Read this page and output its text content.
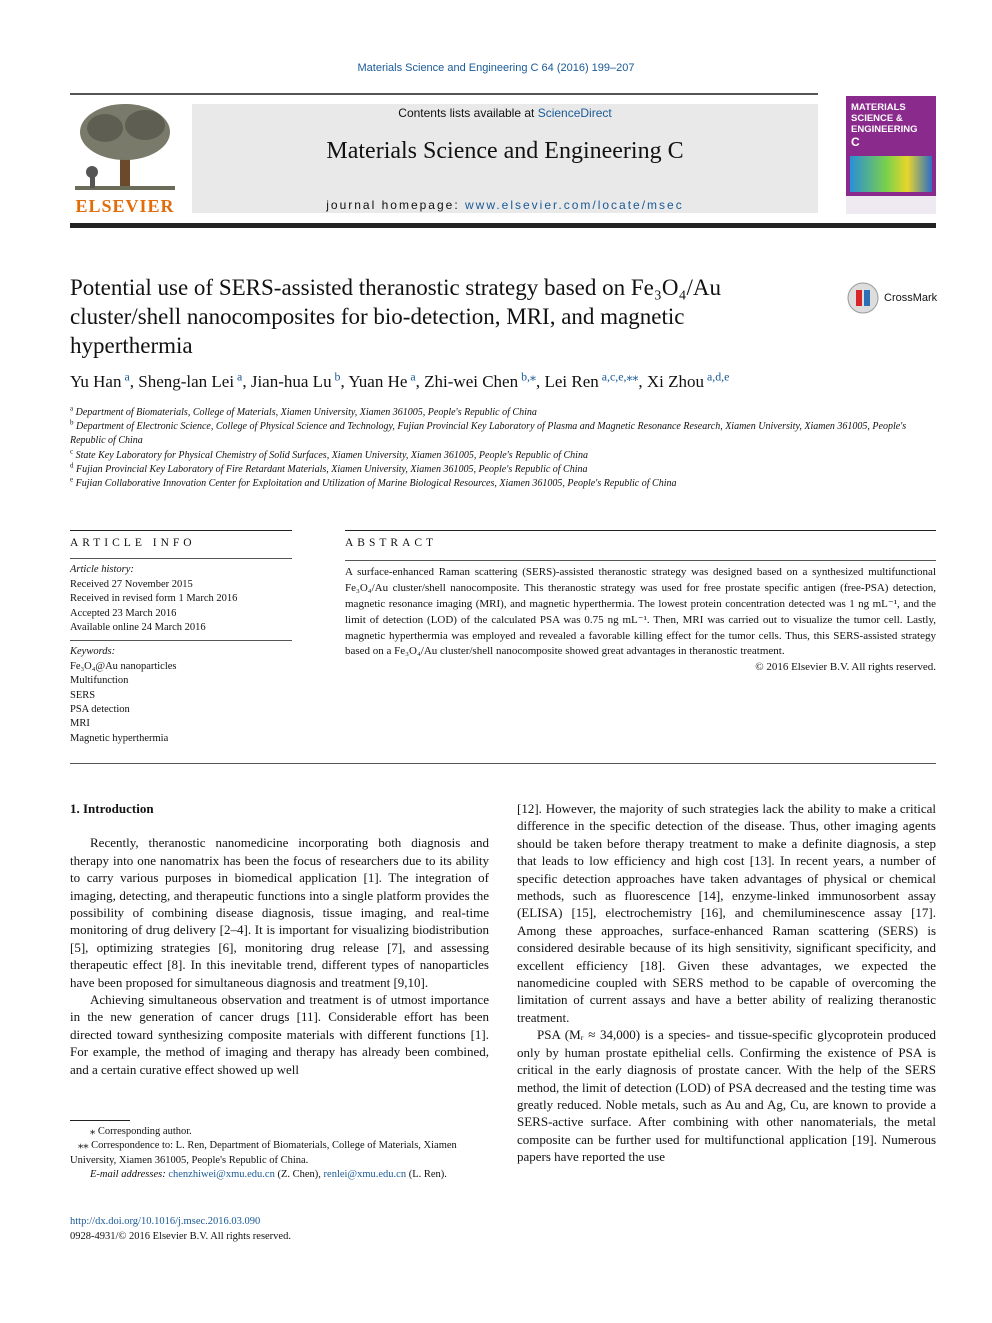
Materials Science and Engineering C 64 (2016) 199–207
ELSEVIER
Contents lists available at ScienceDirect
Materials Science and Engineering C
journal homepage: www.elsevier.com/locate/msec
MATERIALS SCIENCE & ENGINEERING
C
Potential use of SERS-assisted theranostic strategy based on Fe₃O₄/Au cluster/shell nanocomposites for bio-detection, MRI, and magnetic hyperthermia
CrossMark
Yu Han $^a$, Sheng-lan Lei $^a$, Jian-hua Lu $^b$, Yuan He $^a$, Zhi-wei Chen $^{b,⁎}$, Lei Ren $^{a,c,e,⁎⁎}$, Xi Zhou $^{a,d,e}$
$^a$ Department of Biomaterials, College of Materials, Xiamen University, Xiamen 361005, People's Republic of China
$^b$ Department of Electronic Science, College of Physical Science and Technology, Fujian Provincial Key Laboratory of Plasma and Magnetic Resonance Research, Xiamen University, Xiamen 361005, People's Republic of China
$^c$ State Key Laboratory for Physical Chemistry of Solid Surfaces, Xiamen University, Xiamen 361005, People's Republic of China
$^d$ Fujian Provincial Key Laboratory of Fire Retardant Materials, Xiamen University, Xiamen 361005, People's Republic of China
$^e$ Fujian Collaborative Innovation Center for Exploitation and Utilization of Marine Biological Resources, Xiamen 361005, People's Republic of China
ARTICLE INFO
Article history:
Received 27 November 2015
Received in revised form 1 March 2016
Accepted 23 March 2016
Available online 24 March 2016
Keywords:
Fe₃O₄@Au nanoparticles
Multifunction
SERS
PSA detection
MRI
Magnetic hyperthermia
ABSTRACT

A surface-enhanced Raman scattering (SERS)-assisted theranostic strategy was designed based on a synthesized multifunctional Fe₃O₄/Au cluster/shell nanocomposite. This theranostic strategy was used for free prostate specific antigen (free-PSA) detection, magnetic resonance imaging (MRI), and magnetic hyperthermia. The lowest protein concentration detected was 1 ng mL⁻¹, and the limit of detection (LOD) of the calculated PSA was 0.75 ng mL⁻¹. Then, MRI was carried out to visualize the tumor cell. Lastly, magnetic hyperthermia was employed and revealed a favorable killing effect for the tumor cells. Thus, this SERS-assisted strategy based on a Fe₃O₄/Au cluster/shell nanocomposite showed great advantages in theranostic treatment.

© 2016 Elsevier B.V. All rights reserved.
1. Introduction

Recently, theranostic nanomedicine incorporating both diagnosis and therapy into one nanomatrix has been the focus of researchers due to its ability to carry various purposes in biomedical application [1]. The integration of imaging, detecting, and therapeutic functions into a single platform provides the possibility of combining disease diagnosis, tissue imaging, and real-time monitoring of drug delivery [2–4]. It is important for visualizing biodistribution [5], optimizing strategies [6], monitoring drug release [7], and assessing therapeutic effect [8]. In this inevitable trend, different types of nanoparticles have been proposed for simultaneous diagnosis and treatment [9,10].

Achieving simultaneous observation and treatment is of utmost importance in the new generation of cancer drugs [11]. Considerable effort has been directed toward synthesizing composite materials with different functions [1]. For example, the method of imaging and therapy has already been combined, and a certain curative effect showed up well

[12]. However, the majority of such strategies lack the ability to make a critical difference in the specific detection of the disease. Thus, other imaging agents should be taken before therapy treatment to make a definite diagnosis, a step that leads to low efficiency and high cost [13]. In recent years, a number of specific detection approaches have taken advantages of physical or chemical methods, such as fluorescence [14], enzyme-linked immunosorbent assay (ELISA) [15], electrochemistry [16], and chemiluminescence assay [17]. Among these approaches, surface-enhanced Raman scattering (SERS) is considered desirable because of its high sensitivity, significant specificity, and excellent efficiency [18]. Given these advantages, we expected the nanomedicine coupled with SERS method to be capable of overcoming the limitation of current assays and have a better ability of realizing theranostic treatment.

PSA (Mᵣ ≈ 34,000) is a species- and tissue-specific glycoprotein produced only by human prostate epithelial cells. Confirming the existence of PSA is critical in the early diagnosis of prostate cancer. With the help of the SERS method, the limit of detection (LOD) of PSA decreased and the testing time was greatly reduced. Noble metals, such as Au and Ag, Cu, are known to provide a SERS-active surface. After combining with other nanomaterials, the metal composite can be further used for multifunctional application [19]. Numerous papers have reported the use

⁎ Corresponding author.
⁎⁎ Correspondence to: L. Ren, Department of Biomaterials, College of Materials, Xiamen University, Xiamen 361005, People's Republic of China.
E-mail addresses: chenzhiwei@xmu.edu.cn (Z. Chen), renlei@xmu.edu.cn (L. Ren).
http://dx.doi.org/10.1016/j.msec.2016.03.090
0928-4931/© 2016 Elsevier B.V. All rights reserved.
